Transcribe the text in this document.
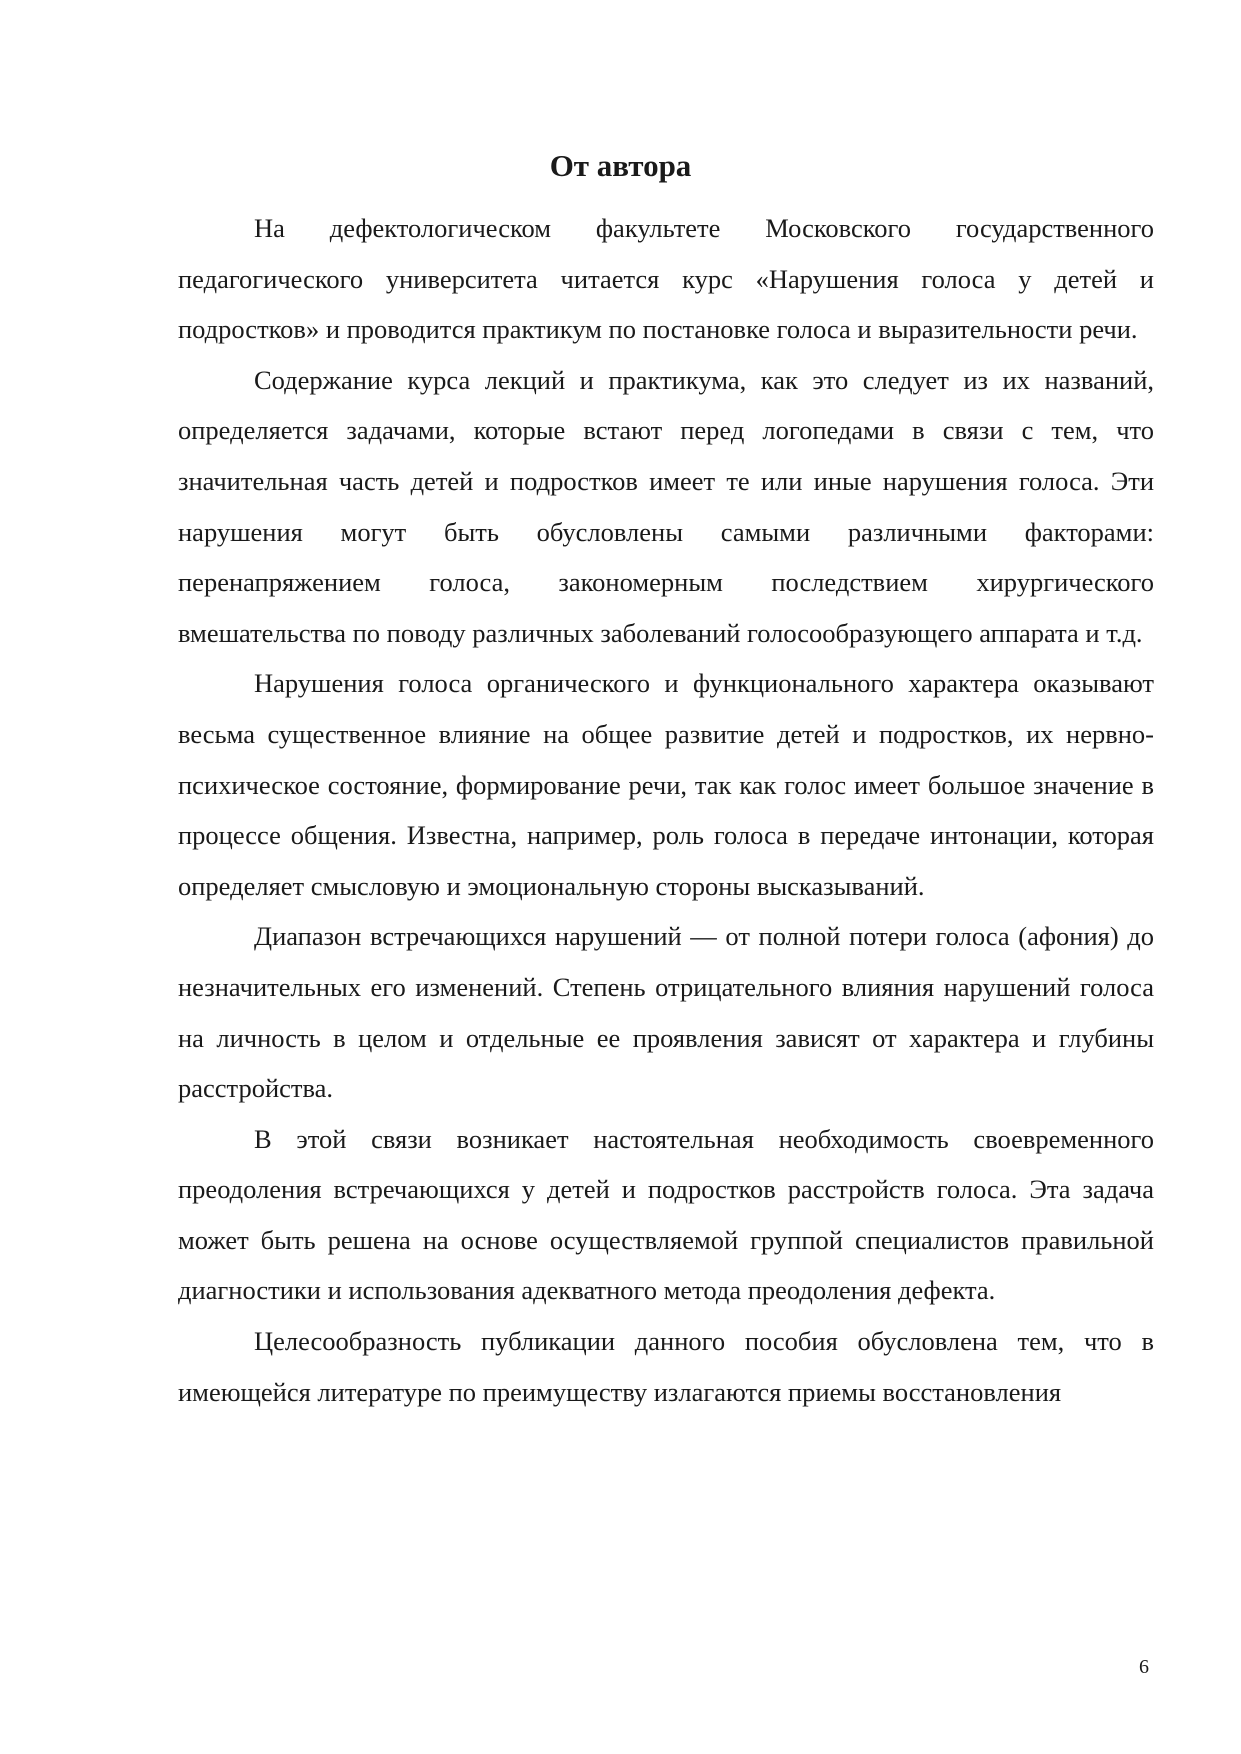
От автора

На дефектологическом факультете Московского государственного педагогического университета читается курс «Нарушения голоса у детей и подростков» и проводится практикум по постановке голоса и выразительности речи.

Содержание курса лекций и практикума, как это следует из их названий, определяется задачами, которые встают перед логопедами в связи с тем, что значительная часть детей и подростков имеет те или иные нарушения голоса. Эти нарушения могут быть обусловлены самыми различными факторами: перенапряжением голоса, закономерным последствием хирургического вмешательства по поводу различных заболеваний голосообразующего аппарата и т.д.

Нарушения голоса органического и функционального характера оказывают весьма существенное влияние на общее развитие детей и подростков, их нервно-психическое состояние, формирование речи, так как голос имеет большое значение в процессе общения. Известна, например, роль голоса в передаче интонации, которая определяет смысловую и эмоциональную стороны высказываний.

Диапазон встречающихся нарушений — от полной потери голоса (афония) до незначительных его изменений. Степень отрицательного влияния нарушений голоса на личность в целом и отдельные ее проявления зависят от характера и глубины расстройства.

В этой связи возникает настоятельная необходимость своевременного преодоления встречающихся у детей и подростков расстройств голоса. Эта задача может быть решена на основе осуществляемой группой специалистов правильной диагностики и использования адекватного метода преодоления дефекта.

Целесообразность публикации данного пособия обусловлена тем, что в имеющейся литературе по преимуществу излагаются приемы восстановления

6
